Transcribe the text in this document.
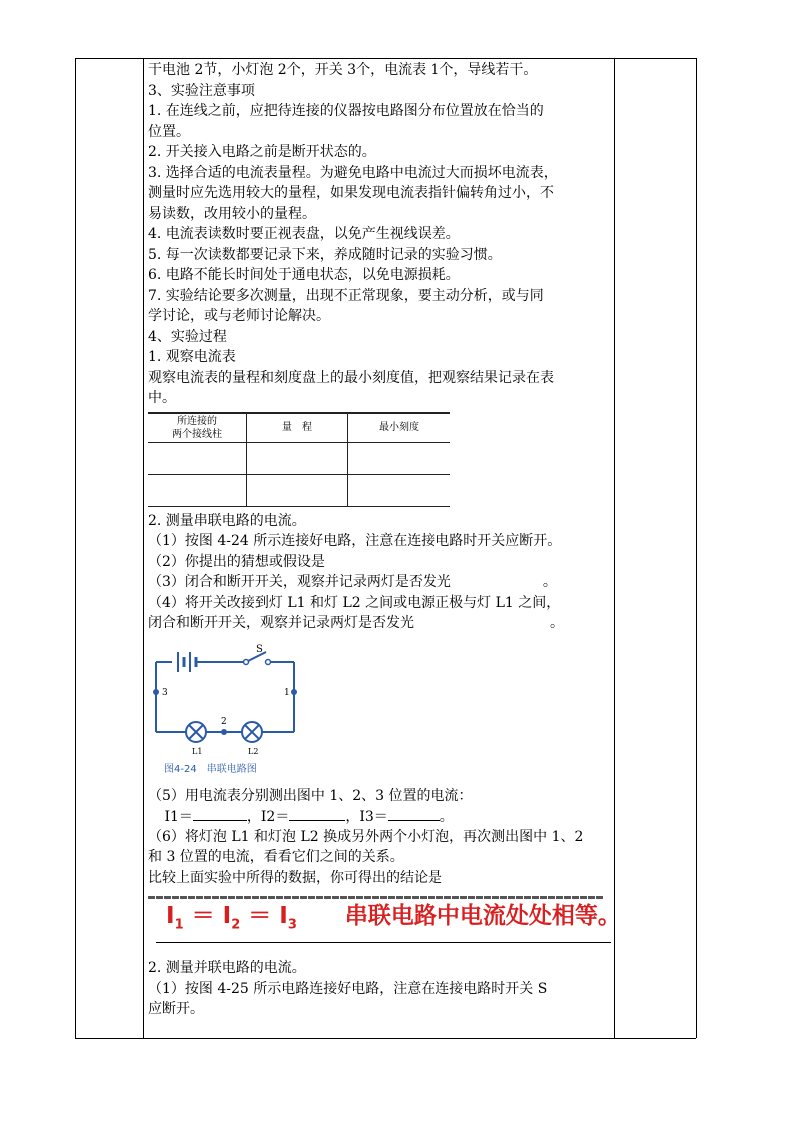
干电池 2节，小灯泡 2个，开关 3个，电流表 1个，导线若干。
3、实验注意事项
1. 在连线之前，应把待连接的仪器按电路图分布位置放在恰当的
位置。
2. 开关接入电路之前是断开状态的。
3. 选择合适的电流表量程。为避免电路中电流过大而损坏电流表，
测量时应先选用较大的量程，如果发现电流表指针偏转角过小，不
易读数，改用较小的量程。
4. 电流表读数时要正视表盘，以免产生视线误差。
5. 每一次读数都要记录下来，养成随时记录的实验习惯。
6. 电路不能长时间处于通电状态，以免电源损耗。
7. 实验结论要多次测量，出现不正常现象，要主动分析，或与同
学讨论，或与老师讨论解决。
4、实验过程
1. 观察电流表
观察电流表的量程和刻度盘上的最小刻度值，把观察结果记录在表
中。
所连接的
两个接线柱	量　程	最小刻度

2. 测量串联电路的电流。
（1）按图 4-24 所示连接好电路，注意在连接电路时开关应断开。
（2）你提出的猜想或假设是
（3）闭合和断开开关，观察并记录两灯是否发光	。
（4）将开关改接到灯 L1 和灯 L2 之间或电源正极与灯 L1 之间，
闭合和断开开关，观察并记录两灯是否发光	。
S
3	1
2
L1	L2
图4-24　串联电路图
（5）用电流表分别测出图中 1、2、3 位置的电流：
I1＝	，I2＝	，I3＝	。
（6）将灯泡 L1 和灯泡 L2 换成另外两个小灯泡，再次测出图中 1、2
和 3 位置的电流，看看它们之间的关系。
比较上面实验中所得的数据，你可得出的结论是
$I_1 = I_2 = I_3$ 串联电路中电流处处相等。
2. 测量并联电路的电流。
（1）按图 4-25 所示电路连接好电路，注意在连接电路时开关 S
应断开。
